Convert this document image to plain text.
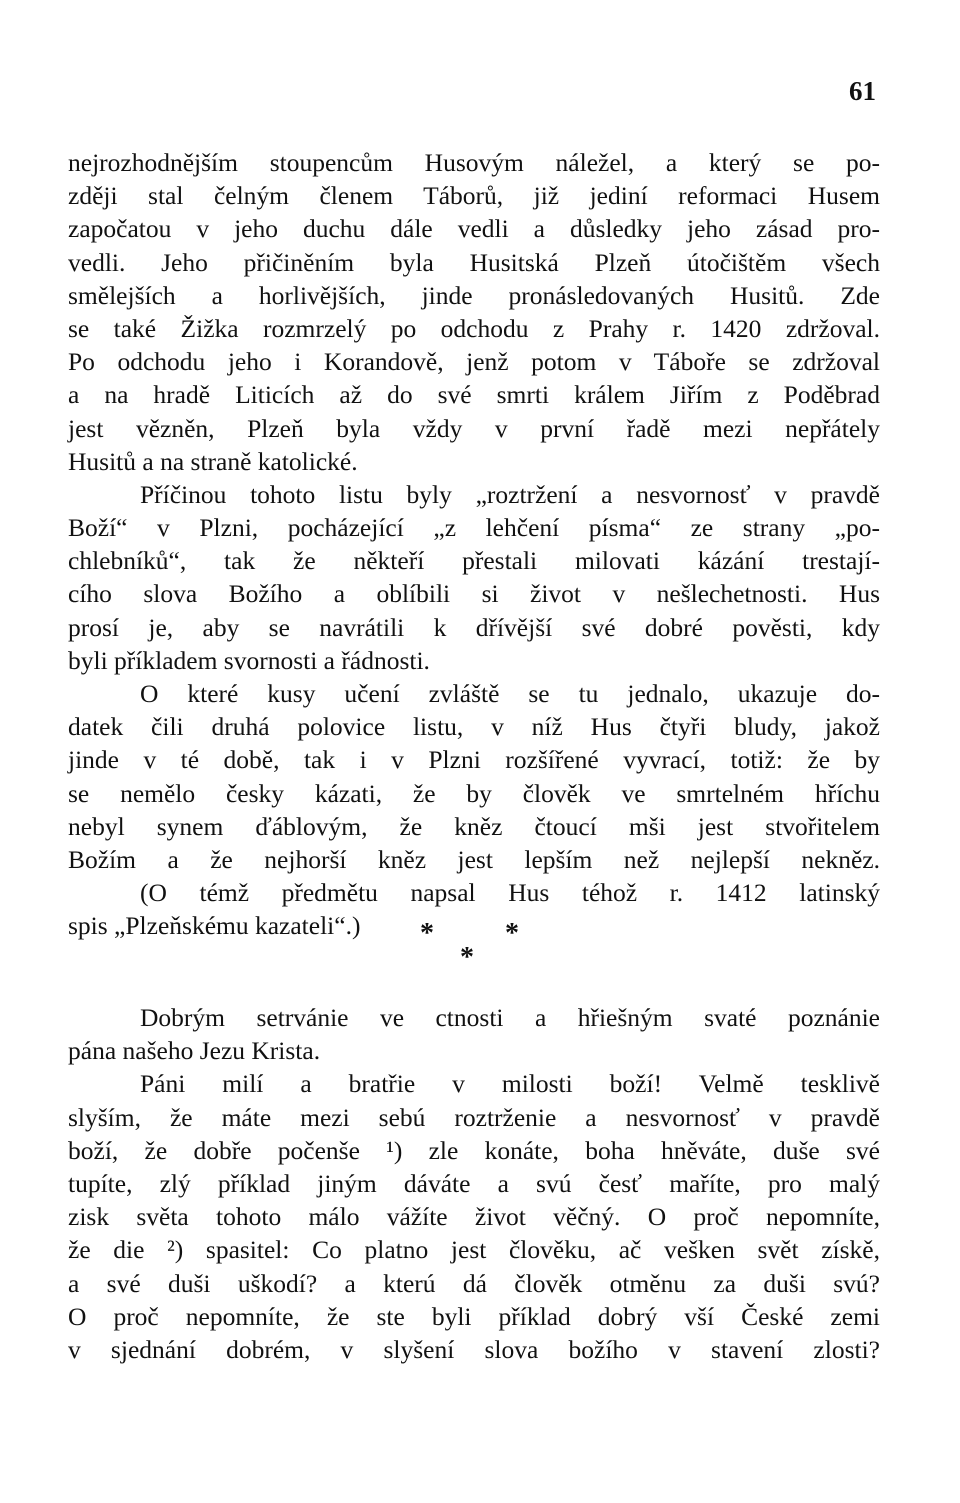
61
nejrozhodnějším stoupencům Husovým náležel, a který se po-
zději stal čelným členem Táborů, již jediní reformaci Husem
započatou v jeho duchu dále vedli a důsledky jeho zásad pro-
vedli. Jeho přičiněním byla Husitská Plzeň útočištěm všech
smělejších a horlivějších, jinde pronásledovaných Husitů. Zde
se také Žižka rozmrzelý po odchodu z Prahy r. 1420 zdržoval.
Po odchodu jeho i Korandově, jenž potom v Táboře se zdržoval
a na hradě Liticích až do své smrti králem Jiřím z Poděbrad
jest vězněn, Plzeň byla vždy v první řadě mezi nepřátely
Husitů a na straně katolické.
Příčinou tohoto listu byly „roztržení a nesvornosť v pravdě
Boží“ v Plzni, pocházející „z lehčení písma“ ze strany „po-
chlebníků“, tak že někteří přestali milovati kázání trestají-
cího slova Božího a oblíbili si život v nešlechetnosti. Hus
prosí je, aby se navrátili k dřívější své dobré pověsti, kdy
byli příkladem svornosti a řádnosti.
O které kusy učení zvláště se tu jednalo, ukazuje do-
datek čili druhá polovice listu, v níž Hus čtyři bludy, jakož
jinde v té době, tak i v Plzni rozšířené vyvrací, totiž: že by
se nemělo česky kázati, že by člověk ve smrtelném hříchu
nebyl synem ďáblovým, že kněz čtoucí mši jest stvořitelem
Božím a že nejhorší kněz jest lepším než nejlepší nekněz.
(O témž předmětu napsal Hus téhož r. 1412 latinský
spis „Plzeňskému kazateli“.)	*
*
*
Dobrým setrvánie ve ctnosti a hřiešným svaté poznánie
pána našeho Jezu Krista.
Páni milí a bratřie v milosti boží! Velmě tesklivě
slyším, že máte mezi sebú roztrženie a nesvornosť v pravdě
boží, že dobře počenše ¹) zle konáte, boha hněváte, duše své
tupíte, zlý příklad jiným dáváte a svú česť maříte, pro malý
zisk světa tohoto málo vážíte život věčný. O proč nepomníte,
že die ²) spasitel: Co platno jest člověku, ač vešken svět získě,
a své duši uškodí? a kterú dá člověk otměnu za duši svú?
O proč nepomníte, že ste byli příklad dobrý vší České zemi
v sjednání dobrém, v slyšení slova božího v stavení zlosti?
